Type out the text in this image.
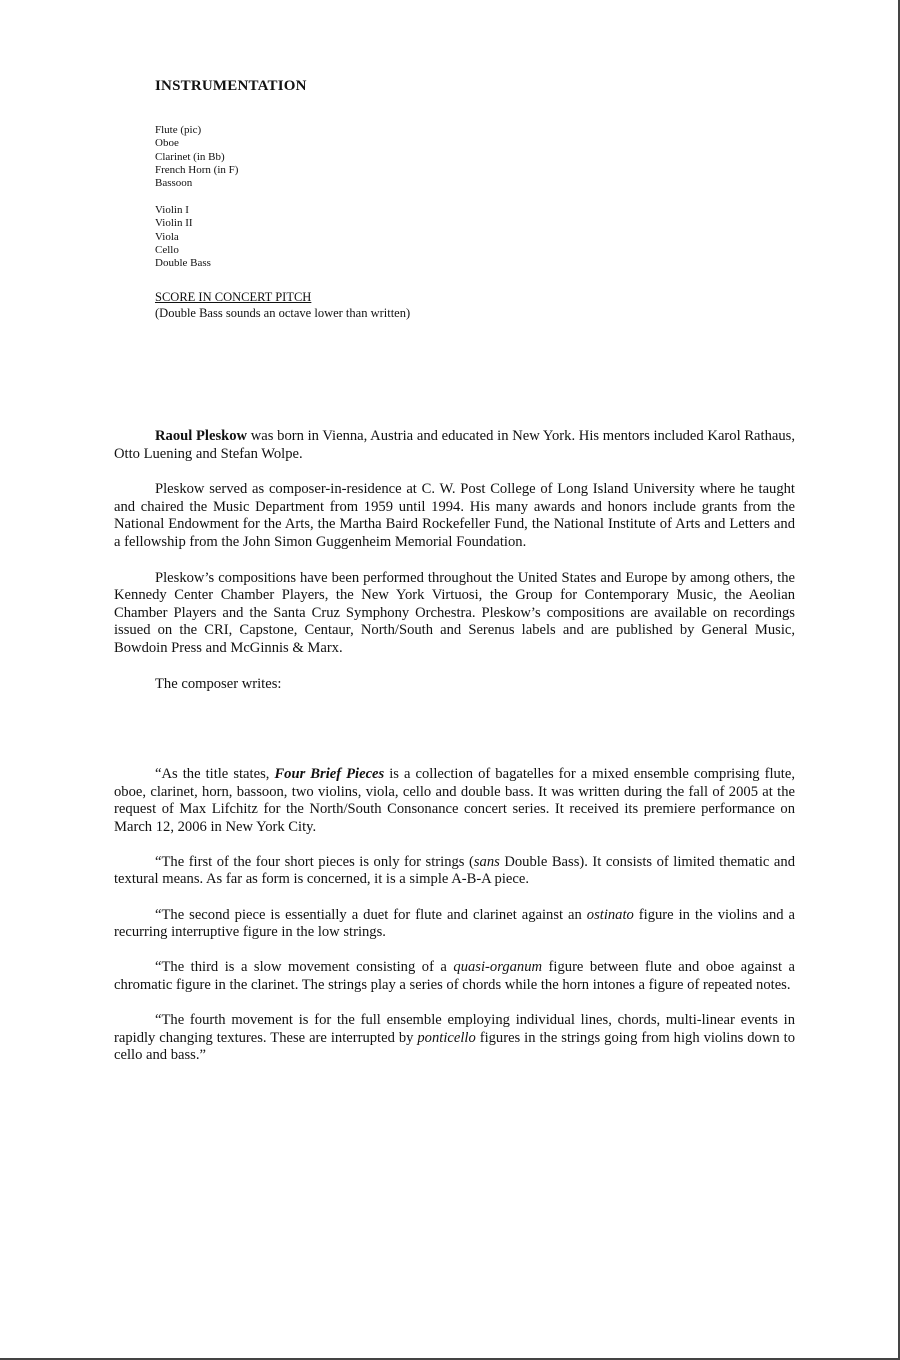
INSTRUMENTATION
Flute (pic)
Oboe
Clarinet (in Bb)
French Horn (in F)
Bassoon
Violin I
Violin II
Viola
Cello
Double Bass
SCORE IN CONCERT PITCH
(Double Bass sounds an octave lower than written)

Raoul Pleskow was born in Vienna, Austria and educated in New York. His mentors included Karol Rathaus, Otto Luening and Stefan Wolpe.

Pleskow served as composer-in-residence at C. W. Post College of Long Island University where he taught and chaired the Music Department from 1959 until 1994. His many awards and honors include grants from the National Endowment for the Arts, the Martha Baird Rockefeller Fund, the National Institute of Arts and Letters and a fellowship from the John Simon Guggenheim Memorial Foundation.

Pleskow’s compositions have been performed throughout the United States and Europe by among others, the Kennedy Center Chamber Players, the New York Virtuosi, the Group for Contemporary Music, the Aeolian Chamber Players and the Santa Cruz Symphony Orchestra. Pleskow’s compositions are available on recordings issued on the CRI, Capstone, Centaur, North/South and Serenus labels and are published by General Music, Bowdoin Press and McGinnis & Marx.

The composer writes:

“As the title states, Four Brief Pieces is a collection of bagatelles for a mixed ensemble comprising flute, oboe, clarinet, horn, bassoon, two violins, viola, cello and double bass. It was written during the fall of 2005 at the request of Max Lifchitz for the North/South Consonance concert series. It received its premiere performance on March 12, 2006 in New York City.

“The first of the four short pieces is only for strings (sans Double Bass). It consists of limited thematic and textural means. As far as form is concerned, it is a simple A-B-A piece.

“The second piece is essentially a duet for flute and clarinet against an ostinato figure in the violins and a recurring interruptive figure in the low strings.

“The third is a slow movement consisting of a quasi-organum figure between flute and oboe against a chromatic figure in the clarinet. The strings play a series of chords while the horn intones a figure of repeated notes.

“The fourth movement is for the full ensemble employing individual lines, chords, multi-linear events in rapidly changing textures. These are interrupted by ponticello figures in the strings going from high violins down to cello and bass.”
